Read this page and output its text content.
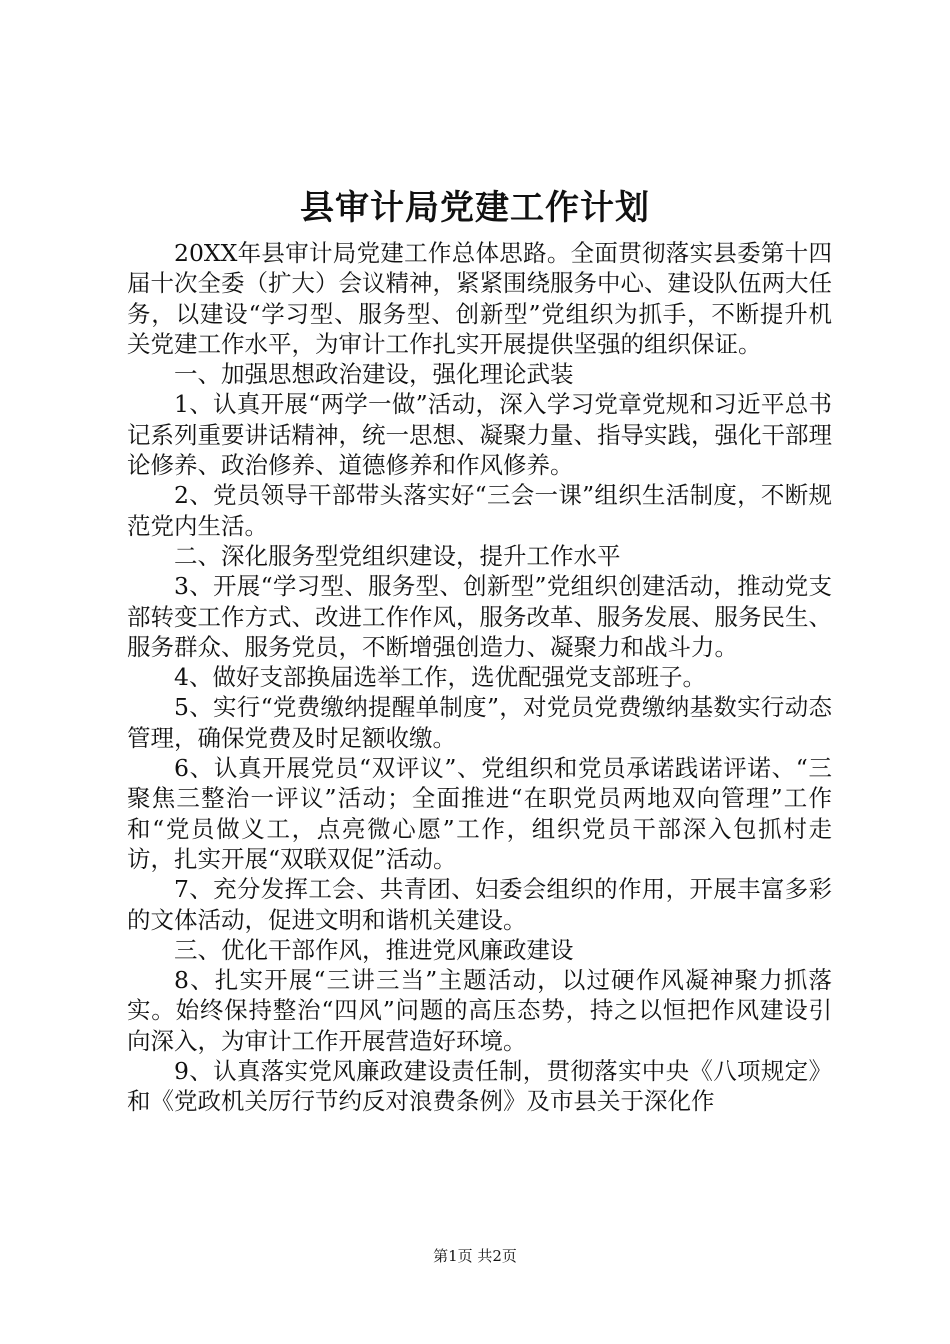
县审计局党建工作计划

20XX年县审计局党建工作总体思路。全面贯彻落实县委第十四届十次全委（扩大）会议精神，紧紧围绕服务中心、建设队伍两大任务，以建设“学习型、服务型、创新型”党组织为抓手，不断提升机关党建工作水平，为审计工作扎实开展提供坚强的组织保证。

一、加强思想政治建设，强化理论武装

1、认真开展“两学一做”活动，深入学习党章党规和习近平总书记系列重要讲话精神，统一思想、凝聚力量、指导实践，强化干部理论修养、政治修养、道德修养和作风修养。

2、党员领导干部带头落实好“三会一课”组织生活制度，不断规范党内生活。

二、深化服务型党组织建设，提升工作水平

3、开展“学习型、服务型、创新型”党组织创建活动，推动党支部转变工作方式、改进工作作风，服务改革、服务发展、服务民生、服务群众、服务党员，不断增强创造力、凝聚力和战斗力。

4、做好支部换届选举工作，选优配强党支部班子。

5、实行“党费缴纳提醒单制度”，对党员党费缴纳基数实行动态管理，确保党费及时足额收缴。

6、认真开展党员“双评议”、党组织和党员承诺践诺评诺、“三聚焦三整治一评议”活动；全面推进“在职党员两地双向管理”工作和“党员做义工，点亮微心愿”工作，组织党员干部深入包抓村走访，扎实开展“双联双促”活动。

7、充分发挥工会、共青团、妇委会组织的作用，开展丰富多彩的文体活动，促进文明和谐机关建设。

三、优化干部作风，推进党风廉政建设

8、扎实开展“三讲三当”主题活动，以过硬作风凝神聚力抓落实。始终保持整治“四风”问题的高压态势，持之以恒把作风建设引向深入，为审计工作开展营造好环境。

9、认真落实党风廉政建设责任制，贯彻落实中央《八项规定》和《党政机关厉行节约反对浪费条例》及市县关于深化作

第1页 共2页
